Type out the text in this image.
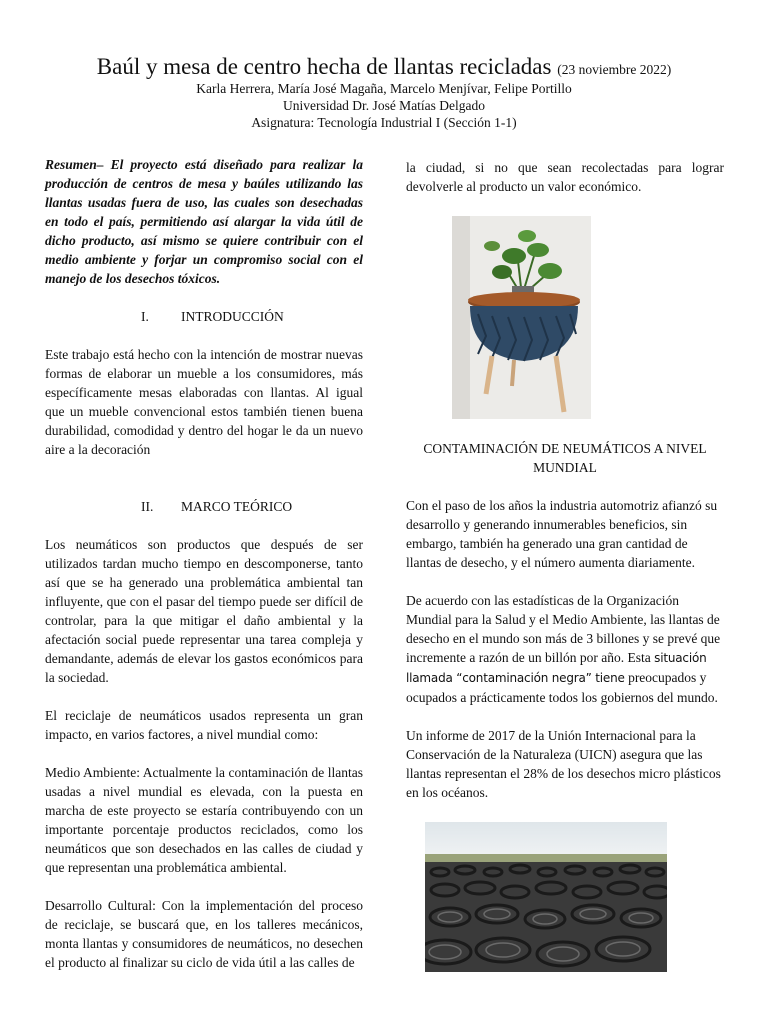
Baúl y mesa de centro hecha de llantas recicladas (23 noviembre 2022)
Karla Herrera, María José Magaña, Marcelo Menjívar, Felipe Portillo
Universidad Dr. José Matías Delgado
Asignatura: Tecnología Industrial I (Sección 1-1)

Resumen– El proyecto está diseñado para realizar la producción de centros de mesa y baúles utilizando las llantas usadas fuera de uso, las cuales son desechadas en todo el país, permitiendo así alargar la vida útil de dicho producto, así mismo se quiere contribuir con el medio ambiente y forjar un compromiso social con el manejo de los desechos tóxicos.

I. INTRODUCCIÓN

Este trabajo está hecho con la intención de mostrar nuevas formas de elaborar un mueble a los consumidores, más específicamente mesas elaboradas con llantas. Al igual que un mueble convencional estos también tienen buena durabilidad, comodidad y dentro del hogar le da un nuevo aire a la decoración

II. MARCO TEÓRICO

Los neumáticos son productos que después de ser utilizados tardan mucho tiempo en descomponerse, tanto así que se ha generado una problemática ambiental tan influyente, que con el pasar del tiempo puede ser difícil de controlar, para la que mitigar el daño ambiental y la afectación social puede representar una tarea compleja y demandante, además de elevar los gastos económicos para la sociedad.

El reciclaje de neumáticos usados representa un gran impacto, en varios factores, a nivel mundial como:

Medio Ambiente: Actualmente la contaminación de llantas usadas a nivel mundial es elevada, con la puesta en marcha de este proyecto se estaría contribuyendo con un importante porcentaje productos reciclados, como los neumáticos que son desechados en las calles de ciudad y que representan una problemática ambiental.

Desarrollo Cultural: Con la implementación del proceso de reciclaje, se buscará que, en los talleres mecánicos, monta llantas y consumidores de neumáticos, no desechen el producto al finalizar su ciclo de vida útil a las calles de

la ciudad, si no que sean recolectadas para lograr devolverle al producto un valor económico.

CONTAMINACIÓN DE NEUMÁTICOS A NIVEL MUNDIAL

Con el paso de los años la industria automotriz afianzó su desarrollo y generando innumerables beneficios, sin embargo, también ha generado una gran cantidad de llantas de desecho, y el número aumenta diariamente.

De acuerdo con las estadísticas de la Organización Mundial para la Salud y el Medio Ambiente, las llantas de desecho en el mundo son más de 3 billones y se prevé que incremente a razón de un billón por año. Esta situación llamada “contaminación negra” tiene preocupados y ocupados a prácticamente todos los gobiernos del mundo.

Un informe de 2017 de la Unión Internacional para la Conservación de la Naturaleza (UICN) asegura que las llantas representan el 28% de los desechos micro plásticos en los océanos.
